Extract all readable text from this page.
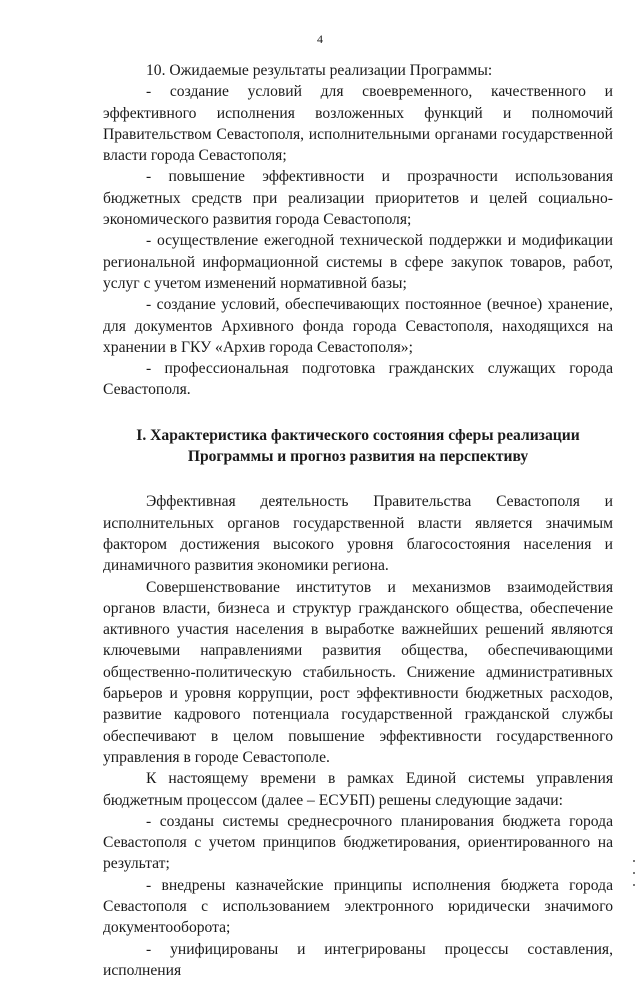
4

10. Ожидаемые результаты реализации Программы:

- создание условий для своевременного, качественного и эффективного исполнения возложенных функций и полномочий Правительством Севастополя, исполнительными органами государственной власти города Севастополя;

- повышение эффективности и прозрачности использования бюджетных средств при реализации приоритетов и целей социально-экономического развития города Севастополя;

- осуществление ежегодной технической поддержки и модификации региональной информационной системы в сфере закупок товаров, работ, услуг с учетом изменений нормативной базы;

- создание условий, обеспечивающих постоянное (вечное) хранение, для документов Архивного фонда города Севастополя, находящихся на хранении в ГКУ «Архив города Севастополя»;

- профессиональная подготовка гражданских служащих города Севастополя.

I. Характеристика фактического состояния сферы реализации
Программы и прогноз развития на перспективу

Эффективная деятельность Правительства Севастополя и исполнительных органов государственной власти является значимым фактором достижения высокого уровня благосостояния населения и динамичного развития экономики региона.

Совершенствование институтов и механизмов взаимодействия органов власти, бизнеса и структур гражданского общества, обеспечение активного участия населения в выработке важнейших решений являются ключевыми направлениями развития общества, обеспечивающими общественно-политическую стабильность. Снижение административных барьеров и уровня коррупции, рост эффективности бюджетных расходов, развитие кадрового потенциала государственной гражданской службы обеспечивают в целом повышение эффективности государственного управления в городе Севастополе.

К настоящему времени в рамках Единой системы управления бюджетным процессом (далее – ЕСУБП) решены следующие задачи:

- созданы системы среднесрочного планирования бюджета города Севастополя с учетом принципов бюджетирования, ориентированного на результат;

- внедрены казначейские принципы исполнения бюджета города Севастополя с использованием электронного юридически значимого документооборота;

- унифицированы и интегрированы процессы составления, исполнения
